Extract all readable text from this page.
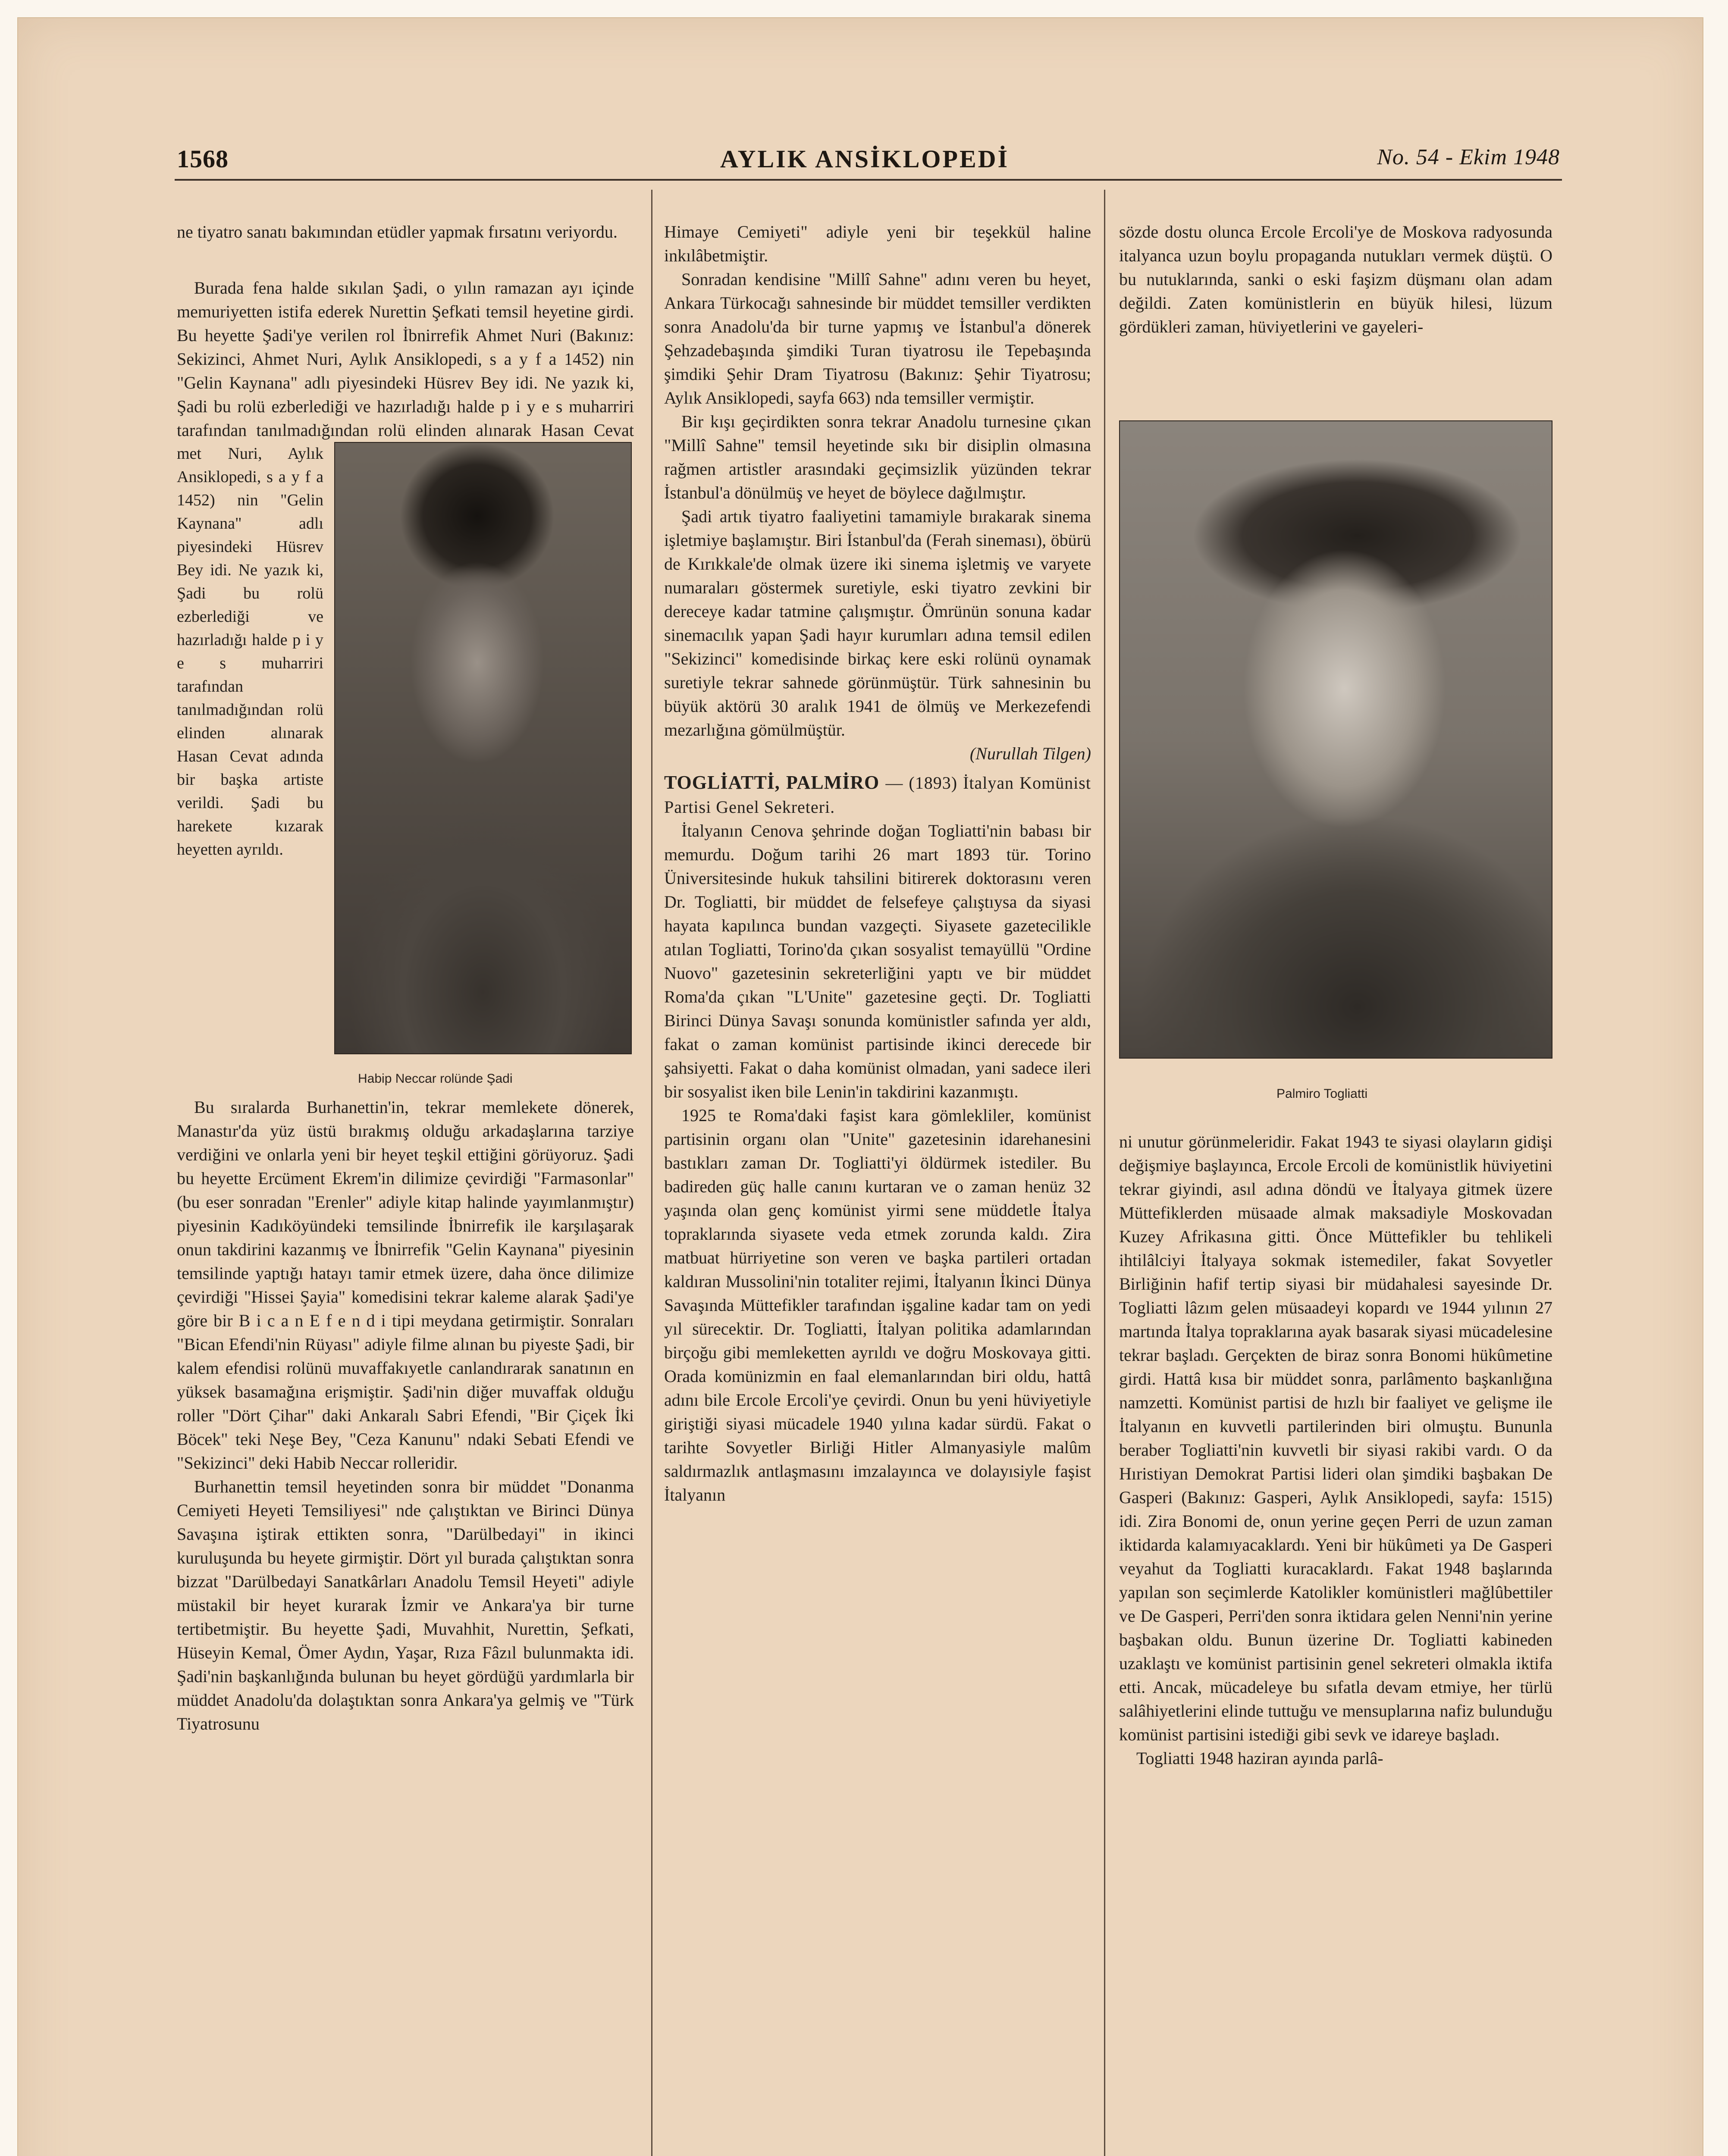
1568	AYLIK ANSİKLOPEDİ	No. 54 - Ekim 1948

ne tiyatro sanatı bakımından etüdler yapmak fırsatını veriyordu.

Burada fena halde sıkılan Şadi, o yılın ramazan ayı içinde memuriyetten istifa ederek Nurettin Şefkati temsil heyetine girdi. Bu heyette Şadi'ye verilen rol İbnirrefik Ahmet Nuri (Bakınız: Sekizinci, Ahmet Nuri, Aylık Ansiklopedi, s a y f a 1452) nin "Gelin Kaynana" adlı piyesindeki Hüsrev Bey idi. Ne yazık ki, Şadi bu rolü ezberlediği ve hazırladığı halde p i y e s muharriri tarafından tanılmadığından rolü elinden alınarak Hasan Cevat

Habip Neccar rolünde Şadi

met Nuri, Aylık Ansiklopedi, s a y f a 1452) nin "Gelin Kaynana" adlı piyesindeki Hüsrev Bey idi. Ne yazık ki, Şadi bu rolü ezberlediği ve hazırladığı halde p i y e s muharriri tarafından tanılmadığından rolü elinden alınarak Hasan Cevat adında bir başka artiste verildi. Şadi bu harekete kızarak heyetten ayrıldı.

Bu sıralarda Burhanettin'in, tekrar memlekete dönerek, Manastır'da yüz üstü bırakmış olduğu arkadaşlarına tarziye verdiğini ve onlarla yeni bir heyet teşkil ettiğini görüyoruz. Şadi bu heyette Ercüment Ekrem'in dilimize çevirdiği "Farmasonlar" (bu eser sonradan "Erenler" adiyle kitap halinde yayımlanmıştır) piyesinin Kadıköyündeki temsilinde İbnirrefik ile karşılaşarak onun takdirini kazanmış ve İbnirrefik "Gelin Kaynana" piyesinin temsilinde yaptığı hatayı tamir etmek üzere, daha önce dilimize çevirdiği "Hissei Şayia" komedisini tekrar kaleme alarak Şadi'ye göre bir B i c a n E f e n d i tipi meydana getirmiştir. Sonraları "Bican Efendi'nin Rüyası" adiyle filme alınan bu piyeste Şadi, bir kalem efendisi rolünü muvaffakıyetle canlandırarak sanatının en yüksek basamağına erişmiştir. Şadi'nin diğer muvaffak olduğu roller "Dört Çihar" daki Ankaralı Sabri Efendi, "Bir Çiçek İki Böcek" teki Neşe Bey, "Ceza Kanunu" ndaki Sebati Efendi ve "Sekizinci" deki Habib Neccar rolleridir.

Burhanettin temsil heyetinden sonra bir müddet "Donanma Cemiyeti Heyeti Temsiliyesi" nde çalıştıktan ve Birinci Dünya Savaşına iştirak ettikten sonra, "Darülbedayi" in ikinci kuruluşunda bu heyete girmiştir. Dört yıl burada çalıştıktan sonra bizzat "Darülbedayi Sanatkârları Anadolu Temsil Heyeti" adiyle müstakil bir heyet kurarak İzmir ve Ankara'ya bir turne tertibetmiştir. Bu heyette Şadi, Muvahhit, Nurettin, Şefkati, Hüseyin Kemal, Ömer Aydın, Yaşar, Rıza Fâzıl bulunmakta idi. Şadi'nin başkanlığında bulunan bu heyet gördüğü yardımlarla bir müddet Anadolu'da dolaştıktan sonra Ankara'ya gelmiş ve "Türk Tiyatrosunu

Himaye Cemiyeti" adiyle yeni bir teşekkül haline inkılâbetmiştir.

Sonradan kendisine "Millî Sahne" adını veren bu heyet, Ankara Türkocağı sahnesinde bir müddet temsiller verdikten sonra Anadolu'da bir turne yapmış ve İstanbul'a dönerek Şehzadebaşında şimdiki Turan tiyatrosu ile Tepebaşında şimdiki Şehir Dram Tiyatrosu (Bakınız: Şehir Tiyatrosu; Aylık Ansiklopedi, sayfa 663) nda temsiller vermiştir.

Bir kışı geçirdikten sonra tekrar Anadolu turnesine çıkan "Millî Sahne" temsil heyetinde sıkı bir disiplin olmasına rağmen artistler arasındaki geçimsizlik yüzünden tekrar İstanbul'a dönülmüş ve heyet de böylece dağılmıştır.

Şadi artık tiyatro faaliyetini tamamiyle bırakarak sinema işletmiye başlamıştır. Biri İstanbul'da (Ferah sineması), öbürü de Kırıkkale'de olmak üzere iki sinema işletmiş ve varyete numaraları göstermek suretiyle, eski tiyatro zevkini bir dereceye kadar tatmine çalışmıştır. Ömrünün sonuna kadar sinemacılık yapan Şadi hayır kurumları adına temsil edilen "Sekizinci" komedisinde birkaç kere eski rolünü oynamak suretiyle tekrar sahnede görünmüştür. Türk sahnesinin bu büyük aktörü 30 aralık 1941 de ölmüş ve Merkezefendi mezarlığına gömülmüştür.

(Nurullah Tilgen)

TOGLİATTİ, PALMİRO — (1893) İtalyan Komünist Partisi Genel Sekreteri.

İtalyanın Cenova şehrinde doğan Togliatti'nin babası bir memurdu. Doğum tarihi 26 mart 1893 tür. Torino Üniversitesinde hukuk tahsilini bitirerek doktorasını veren Dr. Togliatti, bir müddet de felsefeye çalıştıysa da siyasi hayata kapılınca bundan vazgeçti. Siyasete gazetecilikle atılan Togliatti, Torino'da çıkan sosyalist temayüllü "Ordine Nuovo" gazetesinin sekreterliğini yaptı ve bir müddet Roma'da çıkan "L'Unite" gazetesine geçti. Dr. Togliatti Birinci Dünya Savaşı sonunda komünistler safında yer aldı, fakat o zaman komünist partisinde ikinci derecede bir şahsiyetti. Fakat o daha komünist olmadan, yani sadece ileri bir sosyalist iken bile Lenin'in takdirini kazanmıştı.

1925 te Roma'daki faşist kara gömlekliler, komünist partisinin organı olan "Unite" gazetesinin idarehanesini bastıkları zaman Dr. Togliatti'yi öldürmek istediler. Bu badireden güç halle canını kurtaran ve o zaman henüz 32 yaşında olan genç komünist yirmi sene müddetle İtalya topraklarında siyasete veda etmek zorunda kaldı. Zira matbuat hürriyetine son veren ve başka partileri ortadan kaldıran Mussolini'nin totaliter rejimi, İtalyanın İkinci Dünya Savaşında Müttefikler tarafından işgaline kadar tam on yedi yıl sürecektir. Dr. Togliatti, İtalyan politika adamlarından birçoğu gibi memleketten ayrıldı ve doğru Moskovaya gitti. Orada komünizmin en faal elemanlarından biri oldu, hattâ adını bile Ercole Ercoli'ye çevirdi. Onun bu yeni hüviyetiyle giriştiği siyasi mücadele 1940 yılına kadar sürdü. Fakat o tarihte Sovyetler Birliği Hitler Almanyasiyle malûm saldırmazlık antlaşmasını imzalayınca ve dolayısiyle faşist İtalyanın

sözde dostu olunca Ercole Ercoli'ye de Moskova radyosunda italyanca uzun boylu propaganda nutukları vermek düştü. O bu nutuklarında, sanki o eski faşizm düşmanı olan adam değildi. Zaten komünistlerin en büyük hilesi, lüzum gördükleri zaman, hüviyetlerini ve gayeleri-

Palmiro Togliatti

ni unutur görünmeleridir. Fakat 1943 te siyasi olayların gidişi değişmiye başlayınca, Ercole Ercoli de komünistlik hüviyetini tekrar giyindi, asıl adına döndü ve İtalyaya gitmek üzere Müttefiklerden müsaade almak maksadiyle Moskovadan Kuzey Afrikasına gitti. Önce Müttefikler bu tehlikeli ihtilâlciyi İtalyaya sokmak istemediler, fakat Sovyetler Birliğinin hafif tertip siyasi bir müdahalesi sayesinde Dr. Togliatti lâzım gelen müsaadeyi kopardı ve 1944 yılının 27 martında İtalya topraklarına ayak basarak siyasi mücadelesine tekrar başladı. Gerçekten de biraz sonra Bonomi hükûmetine girdi. Hattâ kısa bir müddet sonra, parlâmento başkanlığına namzetti. Komünist partisi de hızlı bir faaliyet ve gelişme ile İtalyanın en kuvvetli partilerinden biri olmuştu. Bununla beraber Togliatti'nin kuvvetli bir siyasi rakibi vardı. O da Hıristiyan Demokrat Partisi lideri olan şimdiki başbakan De Gasperi (Bakınız: Gasperi, Aylık Ansiklopedi, sayfa: 1515) idi. Zira Bonomi de, onun yerine geçen Perri de uzun zaman iktidarda kalamıyacaklardı. Yeni bir hükûmeti ya De Gasperi veyahut da Togliatti kuracaklardı. Fakat 1948 başlarında yapılan son seçimlerde Katolikler komünistleri mağlûbettiler ve De Gasperi, Perri'den sonra iktidara gelen Nenni'nin yerine başbakan oldu. Bunun üzerine Dr. Togliatti kabineden uzaklaştı ve komünist partisinin genel sekreteri olmakla iktifa etti. Ancak, mücadeleye bu sıfatla devam etmiye, her türlü salâhiyetlerini elinde tuttuğu ve mensuplarına nafiz bulunduğu komünist partisini istediği gibi sevk ve idareye başladı.

Togliatti 1948 haziran ayında parlâ-
